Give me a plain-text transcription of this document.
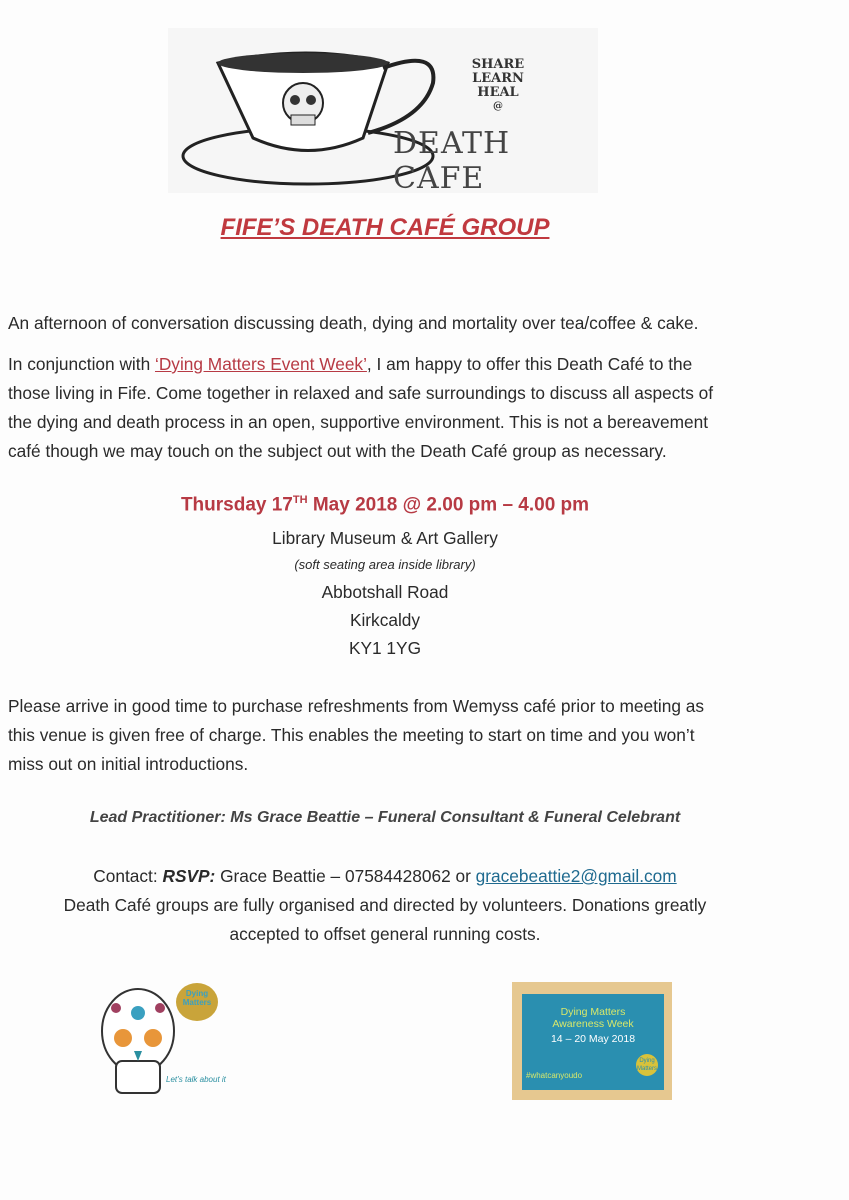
SHARE
LEARN
HEAL
@
DEATH CAFE
FIFE’S DEATH CAFÉ GROUP
An afternoon of conversation discussing death, dying and mortality over tea/coffee & cake.
In conjunction with ‘Dying Matters Event Week’, I am happy to offer this Death Café to the
those living in Fife. Come together in relaxed and safe surroundings to discuss all aspects of
the dying and death process in an open, supportive environment. This is not a bereavement
café though we may touch on the subject out with the Death Café group as necessary.
Thursday 17TH May 2018 @ 2.00 pm – 4.00 pm
Library Museum & Art Gallery
(soft seating area inside library)
Abbotshall Road
Kirkcaldy
KY1 1YG
Please arrive in good time to purchase refreshments from Wemyss café prior to meeting as
this venue is given free of charge. This enables the meeting to start on time and you won’t
miss out on initial introductions.
Lead Practitioner: Ms Grace Beattie – Funeral Consultant & Funeral Celebrant
Contact: RSVP: Grace Beattie – 07584428062 or gracebeattie2@gmail.com
Death Café groups are fully organised and directed by volunteers. Donations greatly
accepted to offset general running costs.
Dying Matters
Let’s talk about it
Dying Matters
Awareness Week
14 – 20 May 2018
#whatcanyoudo
Dying Matters
